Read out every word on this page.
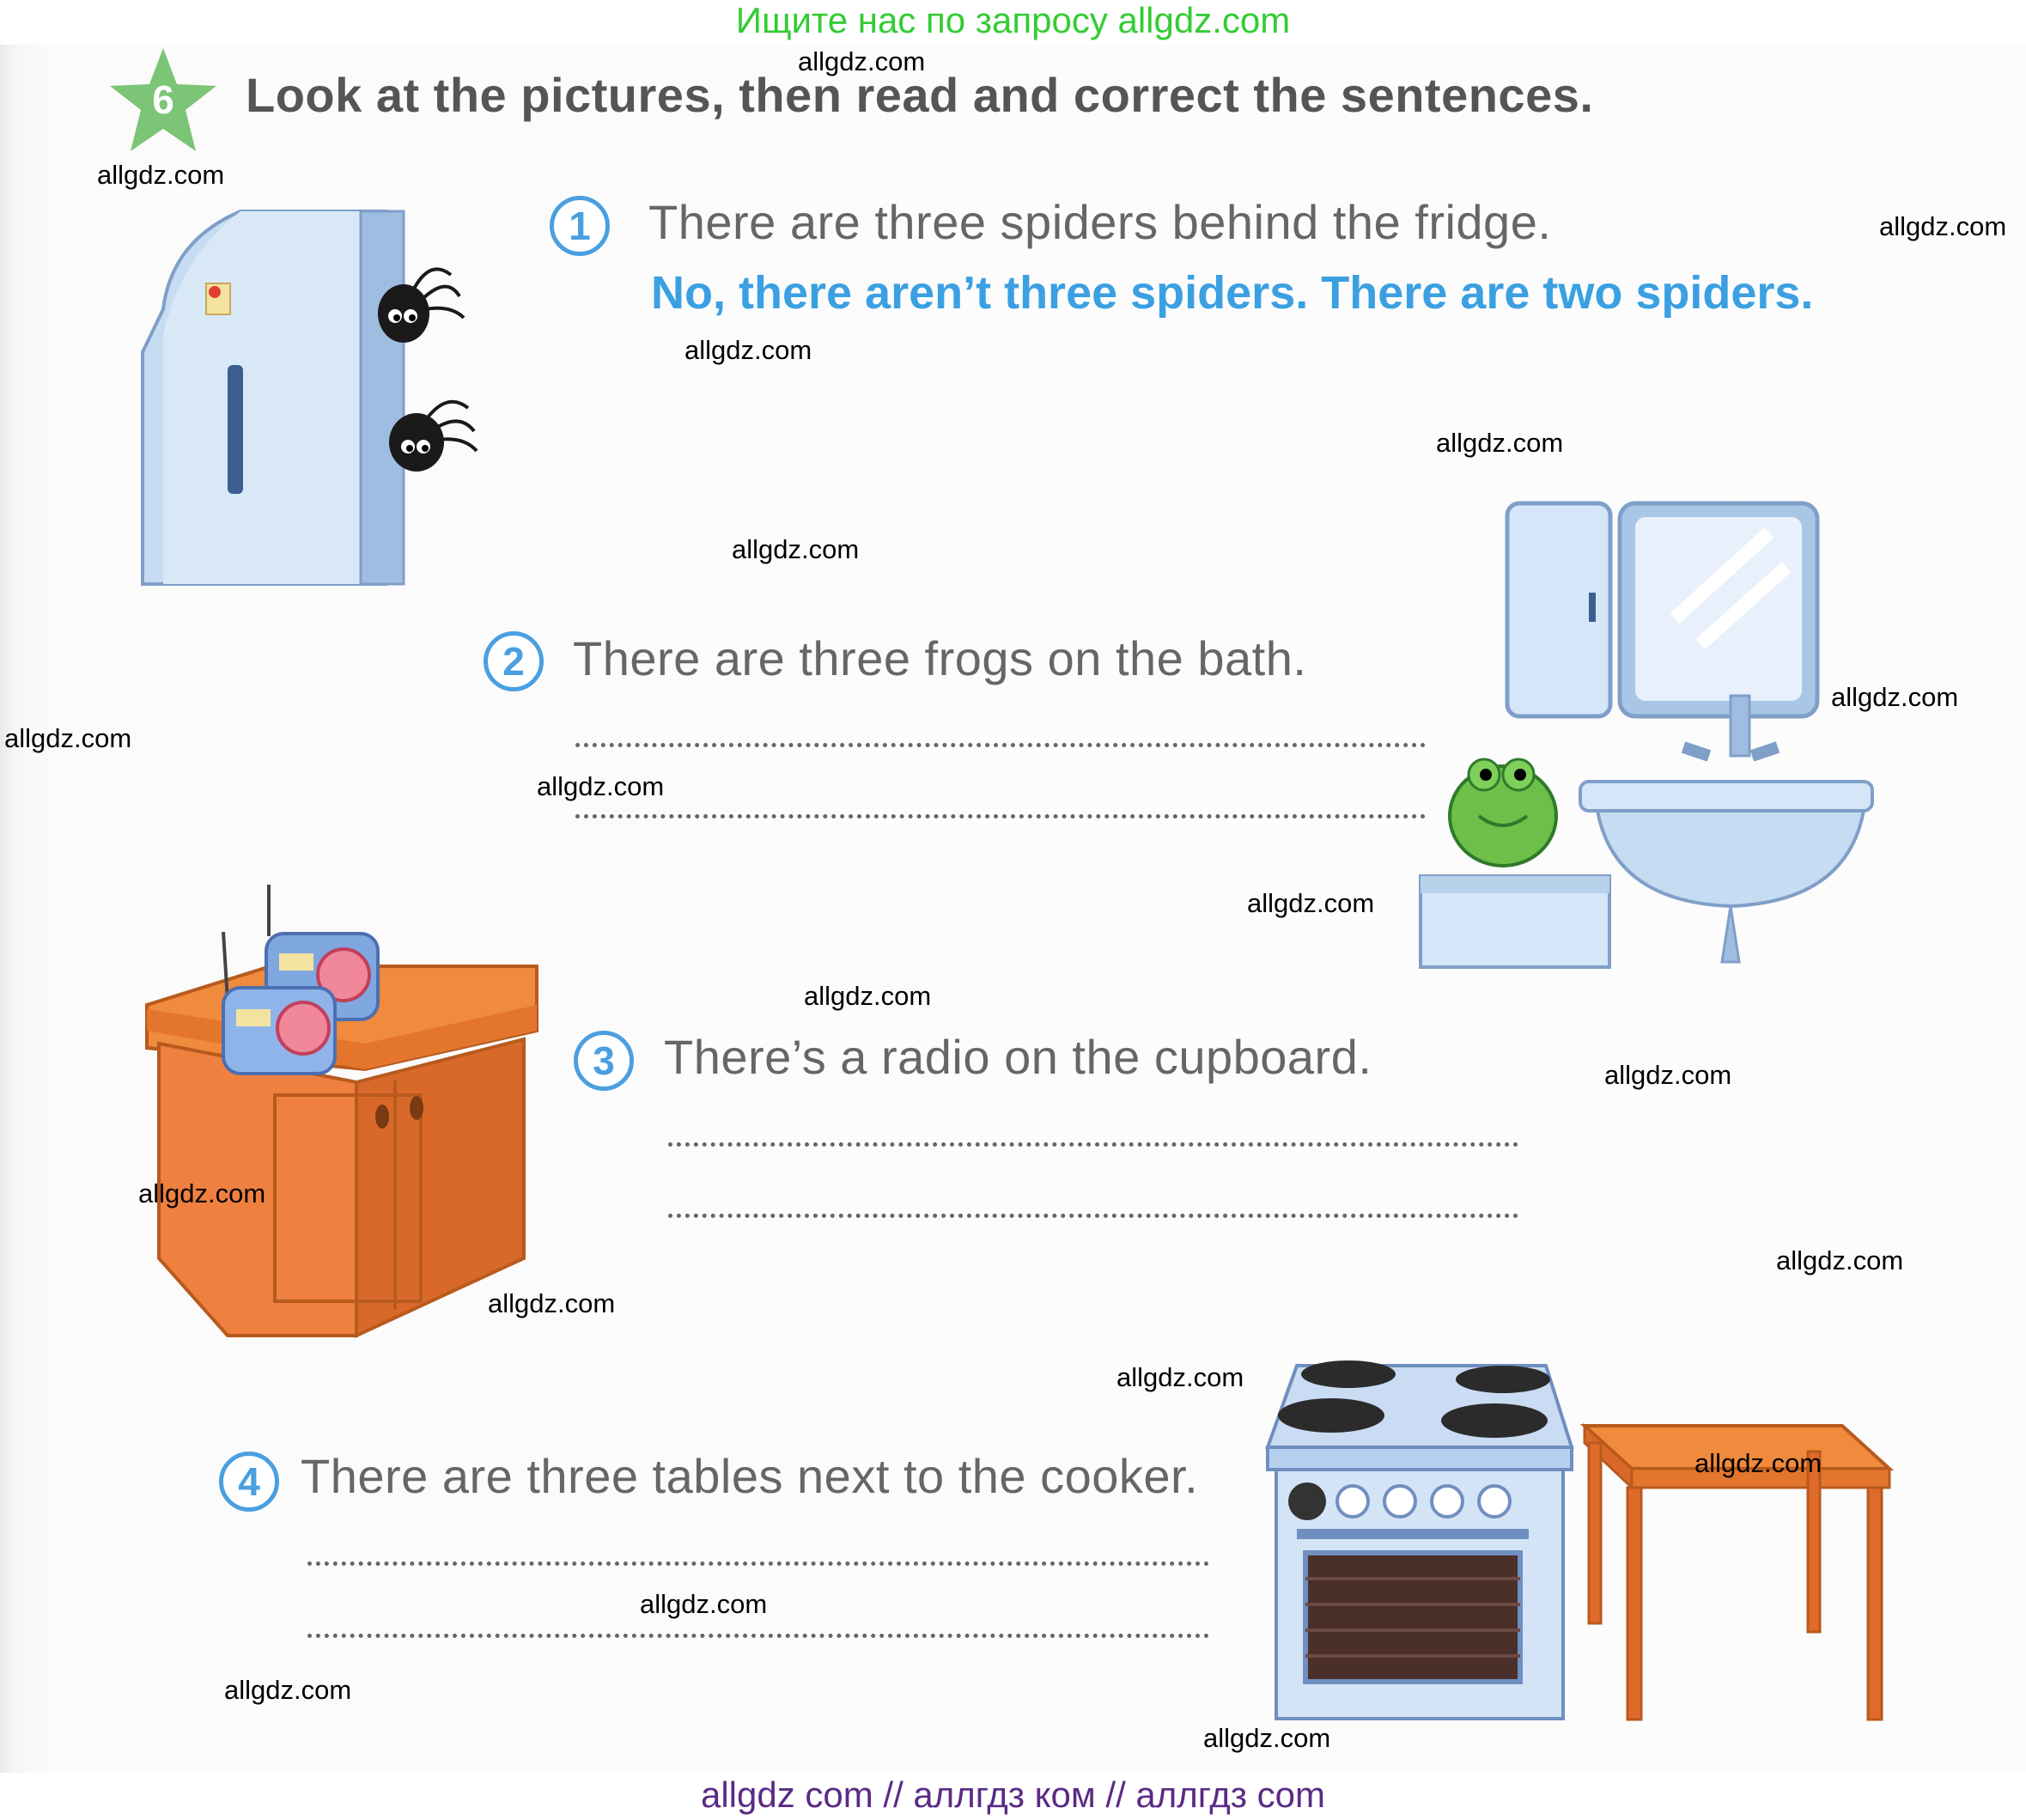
Ищите нас по запросу allgdz.com
6 Look at the pictures, then read and correct the sentences.
1	There are three spiders behind the fridge.
No, there aren’t three spiders. There are two spiders.
2	There are three frogs on the bath.
3	There’s a radio on the cupboard.
4 There are three tables next to the cooker.
allgdz.com
allgdz.com
allgdz.com
allgdz.com
allgdz.com
allgdz.com
allgdz.com
allgdz.com
allgdz.com
allgdz.com
allgdz.com
allgdz.com
allgdz.com
allgdz.com
allgdz.com
allgdz.com
allgdz.com
allgdz.com
allgdz.com
allgdz.com
allgdz com // аллгдз ком // аллгдз com
